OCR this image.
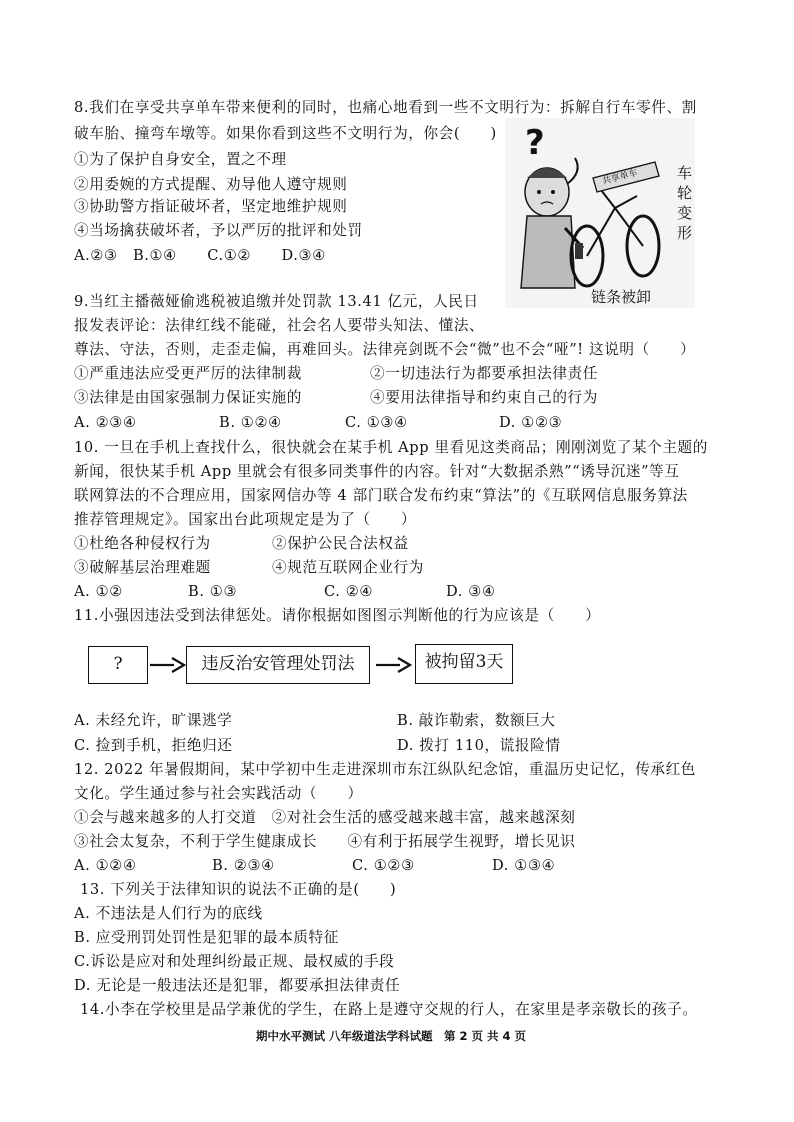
8.我们在享受共享单车带来便利的同时，也痛心地看到一些不文明行为：拆解自行车零件、割
破车胎、撞弯车墩等。如果你看到这些不文明行为，你会(　　)
①为了保护自身安全，置之不理
②用委婉的方式提醒、劝导他人遵守规则
③协助警方指证破坏者，坚定地维护规则
④当场擒获破坏者，予以严厉的批评和处罚
A.②③　B.①④　　C.①②　　D.③④
?
共享单车	车
轮
变
形
链条被卸
9.当红主播薇娅偷逃税被追缴并处罚款 13.41 亿元，人民日
报发表评论：法律红线不能碰，社会名人要带头知法、懂法、
尊法、守法，否则，走歪走偏，再难回头。法律亮剑既不会“微”也不会“哑”! 这说明（　　）
①严重违法应受更严厉的法律制裁	②一切违法行为都要承担法律责任
③法律是由国家强制力保证实施的	④要用法律指导和约束自己的行为
A. ②③④	B. ①②④	C. ①③④	D. ①②③
10. 一旦在手机上查找什么，很快就会在某手机 App 里看见这类商品；刚刚浏览了某个主题的
新闻，很快某手机 App 里就会有很多同类事件的内容。针对“大数据杀熟”“诱导沉迷”等互
联网算法的不合理应用，国家网信办等 4 部门联合发布约束“算法”的《互联网信息服务算法
推荐管理规定》。国家出台此项规定是为了（　　）
①杜绝各种侵权行为	②保护公民合法权益
③破解基层治理难题	④规范互联网企业行为
A. ①②	B. ①③	C. ②④	D. ③④
11.小强因违法受到法律惩处。请你根据如图图示判断他的行为应该是（　　）
?	违反治安管理处罚法	被拘留3天
A. 未经允许，旷课逃学	B. 敲诈勒索，数额巨大
C. 捡到手机，拒绝归还	D. 拨打 110，谎报险情
12. 2022 年暑假期间，某中学初中生走进深圳市东江纵队纪念馆，重温历史记忆，传承红色
文化。学生通过参与社会实践活动（　　）
①会与越来越多的人打交道　②对社会生活的感受越来越丰富，越来越深刻
③社会太复杂，不利于学生健康成长　　④有利于拓展学生视野，增长见识
A. ①②④	B. ②③④	C. ①②③	D. ①③④
13. 下列关于法律知识的说法不正确的是(　　)
A. 不违法是人们行为的底线
B. 应受刑罚处罚性是犯罪的最本质特征
C.诉讼是应对和处理纠纷最正规、最权威的手段
D. 无论是一般违法还是犯罪，都要承担法律责任
14.小李在学校里是品学兼优的学生，在路上是遵守交规的行人，在家里是孝亲敬长的孩子。
期中水平测试 八年级道法学科试题　第 2 页 共 4 页
